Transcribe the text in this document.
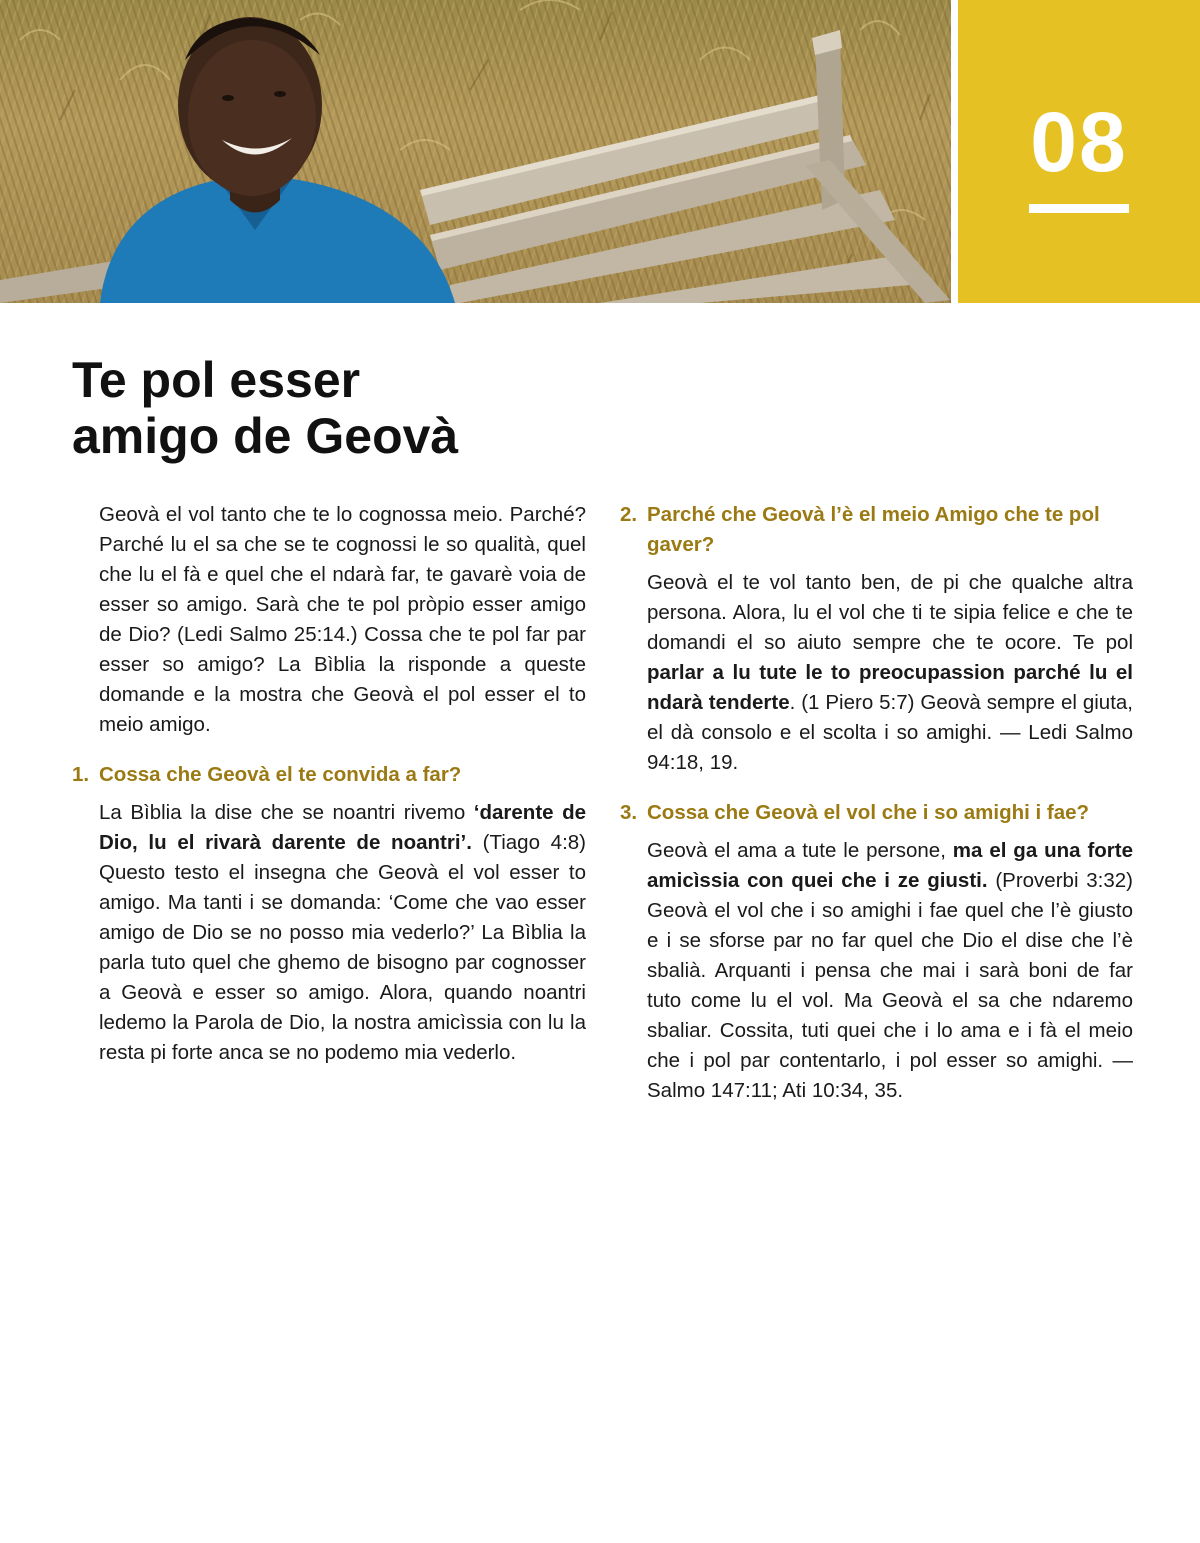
08
Te pol esser
amigo de Geovà

Geovà el vol tanto che te lo cognossa meio. Parché? Parché lu el sa che se te cognossi le so qualità, quel che lu el fà e quel che el ndarà far, te gavarè voia de esser so amigo. Sarà che te pol pròpio esser amigo de Dio? (Ledi Salmo 25:14.) Cossa che te pol far par esser so amigo? La Bìblia la risponde a queste domande e la mostra che Geovà el pol esser el to meio amigo.

1. Cossa che Geovà el te convida a far?

La Bìblia la dise che se noantri rivemo ‘darente de Dio, lu el rivarà darente de noantri’. (Tiago 4:8) Questo testo el insegna che Geovà el vol esser to amigo. Ma tanti i se domanda: ‘Come che vao esser amigo de Dio se no posso mia vederlo?’ La Bìblia la parla tuto quel che ghemo de bisogno par cognosser a Geovà e esser so amigo. Alora, quando noantri ledemo la Parola de Dio, la nostra amicìssia con lu la resta pi forte anca se no podemo mia vederlo.

2. Parché che Geovà l’è el meio Amigo che te pol gaver?

Geovà el te vol tanto ben, de pi che qualche altra persona. Alora, lu el vol che ti te sipia felice e che te domandi el so aiuto sempre che te ocore. Te pol parlar a lu tute le to preocupassion parché lu el ndarà tenderte. (1 Piero 5:7) Geovà sempre el giuta, el dà consolo e el scolta i so amighi. — Ledi Salmo 94:18, 19.

3. Cossa che Geovà el vol che i so amighi i fae?

Geovà el ama a tute le persone, ma el ga una forte amicìssia con quei che i ze giusti. (Proverbi 3:32) Geovà el vol che i so amighi i fae quel che l’è giusto e i se sforse par no far quel che Dio el dise che l’è sbalià. Arquanti i pensa che mai i sarà boni de far tuto come lu el vol. Ma Geovà el sa che ndaremo sbaliar. Cossita, tuti quei che i lo ama e i fà el meio che i pol par contentarlo, i pol esser so amighi. — Salmo 147:11; Ati 10:34, 35.
